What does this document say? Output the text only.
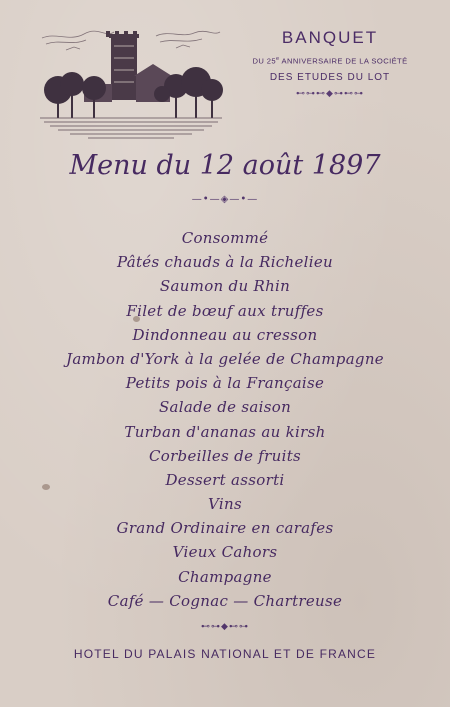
BANQUET
DU 25e ANNIVERSAIRE DE LA SOCIÉTÉ
DES ETUDES DU LOT
⊷⊶⊷◆⊶⊷⊶
Menu du 12 août 1897
—•—◈—•—
Consommé
Pâtés chauds à la Richelieu
Saumon du Rhin
Filet de bœuf aux truffes
Dindonneau au cresson
Jambon d'York à la gelée de Champagne
Petits pois à la Française
Salade de saison
Turban d'ananas au kirsh
Corbeilles de fruits
Dessert assorti
Vins
Grand Ordinaire en carafes
Vieux Cahors
Champagne
Café — Cognac — Chartreuse
⊷⊶◆⊷⊶
HOTEL DU PALAIS NATIONAL ET DE FRANCE
